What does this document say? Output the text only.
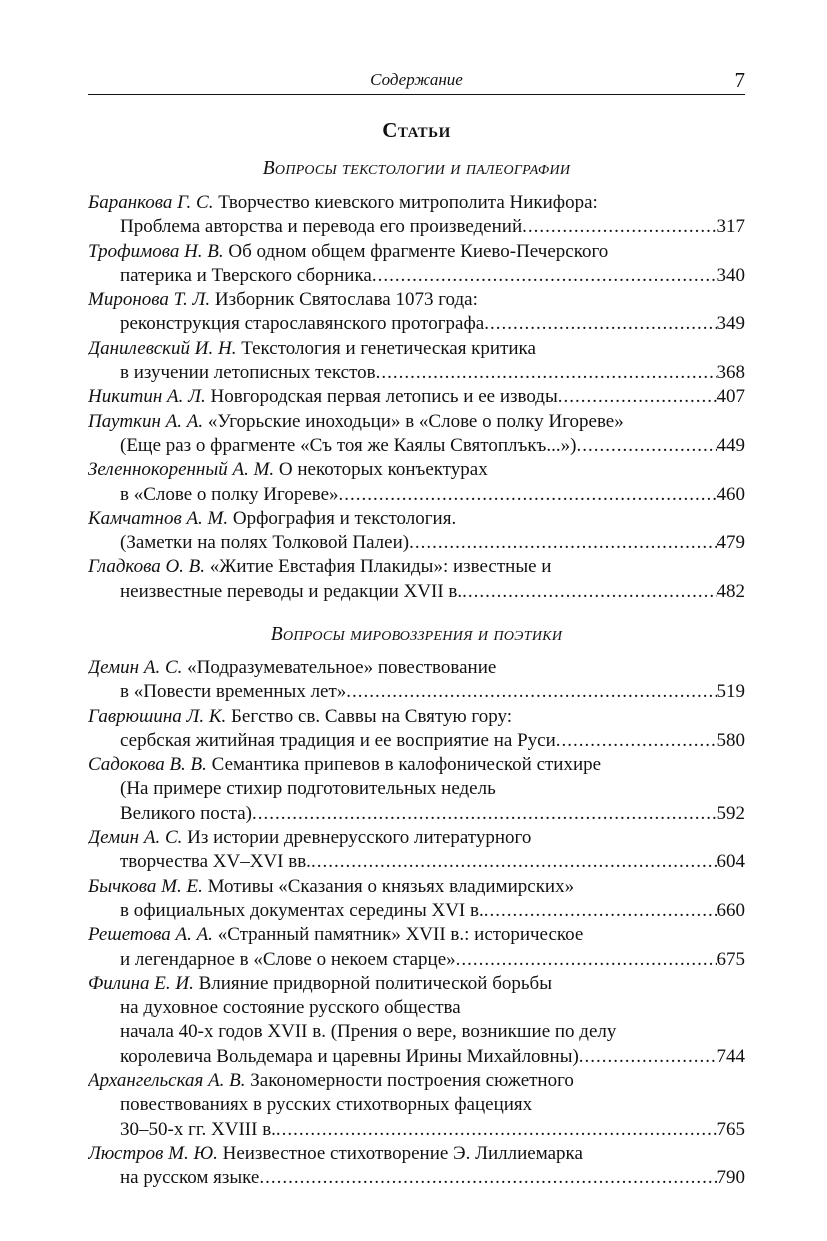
Содержание	7
Статьи
Вопросы текстологии и палеографии
Баранкова Г. С.
Творчество киевского митрополита Никифора:
Проблема авторства и перевода его произведений .....	317
Трофимова Н. В.
Об одном общем фрагменте Киево-Печерского
патерика и Тверского сборника .....	340
Миронова Т. Л.
Изборник Святослава 1073 года:
реконструкция старославянского протографа .....	349
Данилевский И. Н.
Текстология и генетическая критика
в изучении летописных текстов .....	368
Никитин А. Л.
Новгородская первая летопись и ее изводы .....	407
Пауткин А. А.
«Угорьские иноходьци» в «Слове о полку Игореве»
(Еще раз о фрагменте «Съ тоя же Каялы Святоплъкъ...») .....	449
Зеленнокоренный А. М.
О некоторых конъектурах
в «Слове о полку Игореве» .....	460
Камчатнов А. М.
Орфография и текстология.
(Заметки на полях Толковой Палеи) .....	479
Гладкова О. В.
«Житие Евстафия Плакиды»: известные и
неизвестные переводы и редакции XVII в. .....	482
Вопросы мировоззрения и поэтики
Демин А. С.
«Подразумевательное» повествование
в «Повести временных лет» .....	519
Гаврюшина Л. К.
Бегство св. Саввы на Святую гору:
сербская житийная традиция и ее восприятие на Руси .....	580
Садокова В. В.
Семантика припевов в калофонической стихире
(На примере стихир подготовительных недель
Великого поста) .....	592
Демин А. С.
Из истории древнерусского литературного
творчества XV–XVI вв. .....	604
Бычкова М. Е.
Мотивы «Сказания о князьях владимирских»
в официальных документах середины XVI в. .....	660
Решетова А. А.
«Странный памятник» XVII в.: историческое
и легендарное в «Слове о некоем старце» .....	675
Филина Е. И.
Влияние придворной политической борьбы
на духовное состояние русского общества
начала 40-х годов XVII в. (Прения о вере, возникшие по делу
королевича Вольдемара и царевны Ирины Михайловны) .....	744
Архангельская А. В.
Закономерности построения сюжетного
повествованиях в русских стихотворных фацециях
30–50-х гг. XVIII в. .....	765
Люстров М. Ю.
Неизвестное стихотворение Э. Лиллиемарка
на русском языке .....	790
